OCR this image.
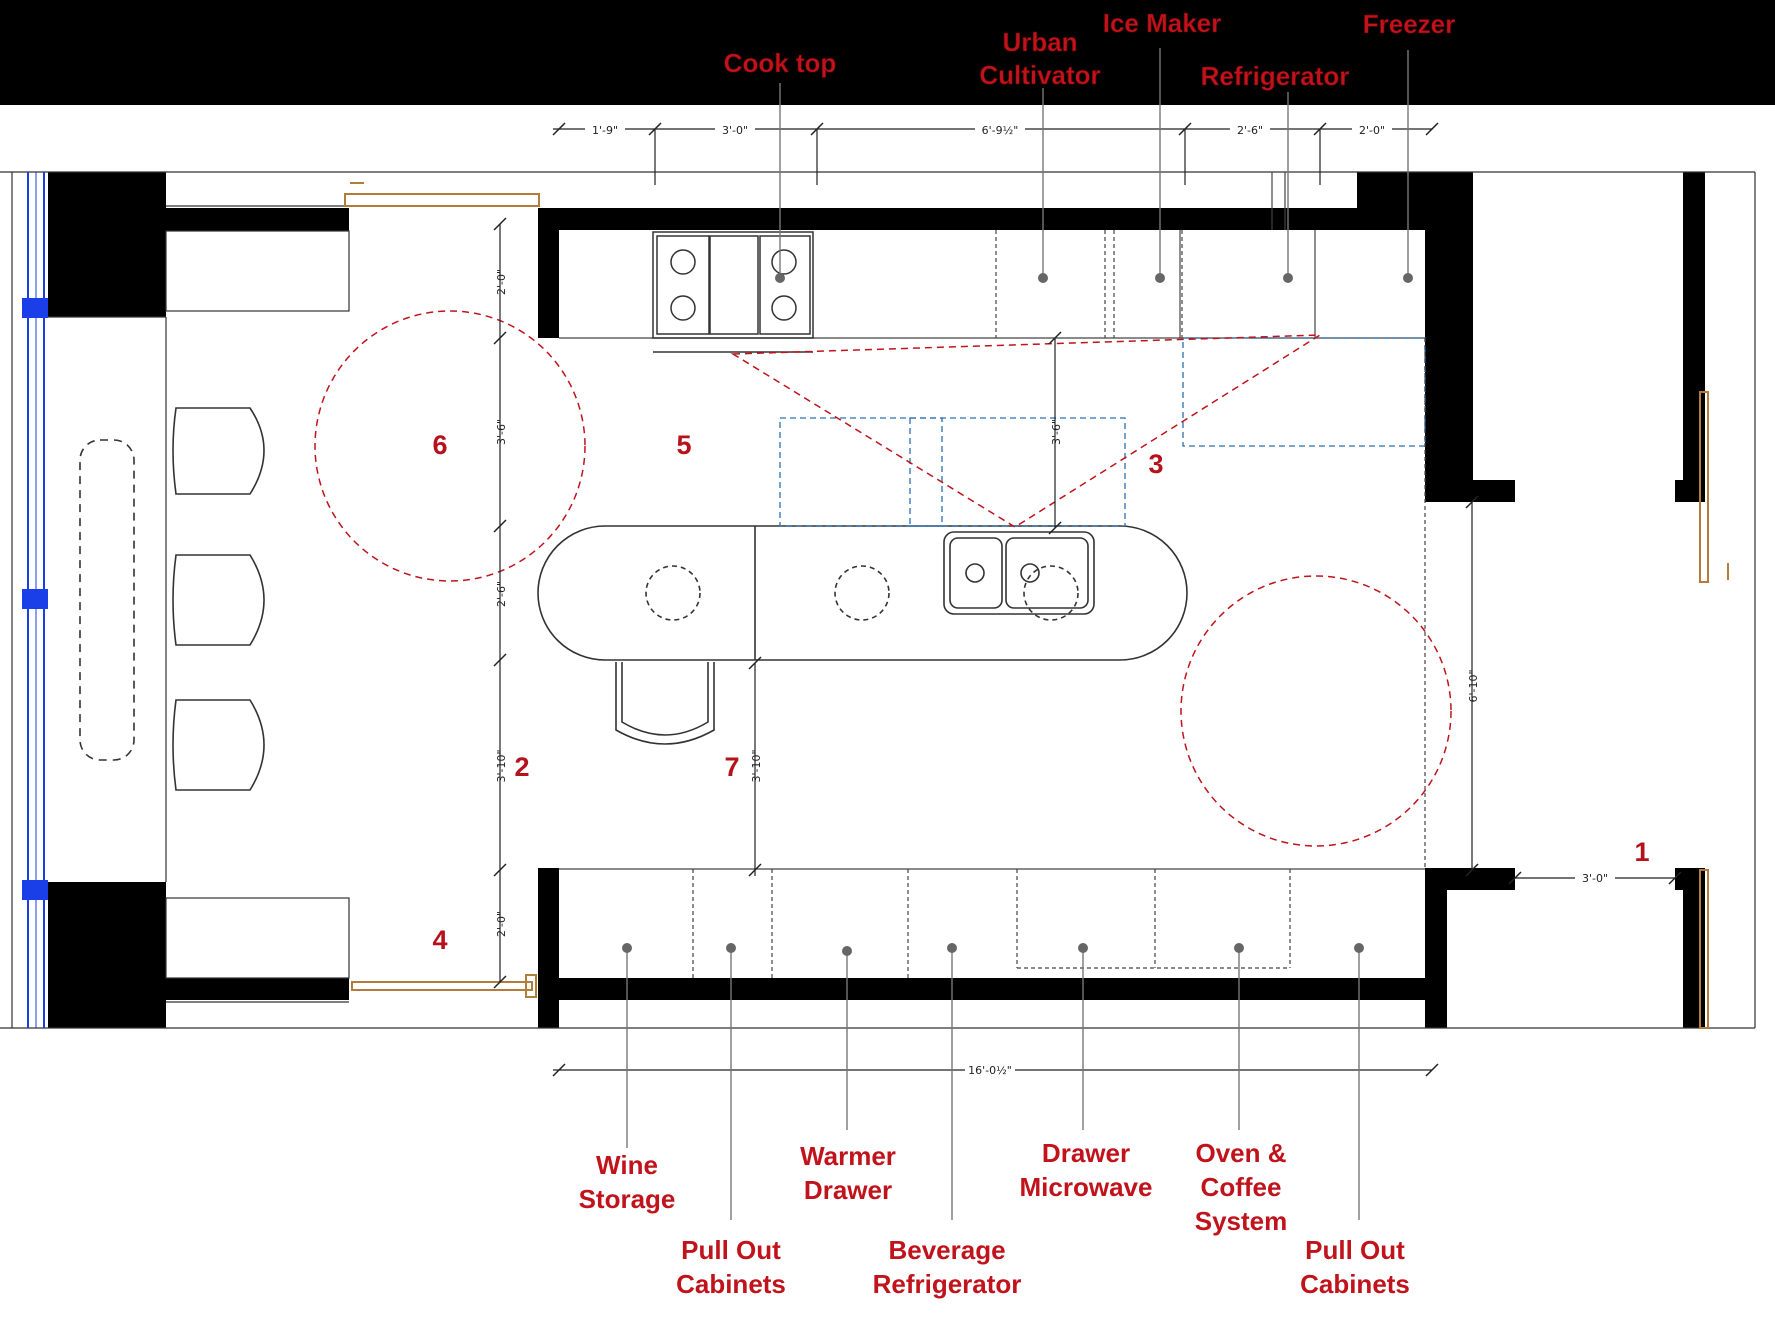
1'-9"	3'-0"	6'-9½"	2'-6"	2'-0"
16'-0½"
2'-0"
3'-6"
2'-6"
3'-10"
2'-0"
3'-10"
3'-6"
6'-10"
3'-0"
Cook top
Urban
Cultivator
Ice Maker
Refrigerator
Freezer
Wine
Storage
Pull Out
Cabinets
Warmer
Drawer
Beverage
Refrigerator
Drawer
Microwave
Oven &
Coffee
System
Pull Out
Cabinets
1
2
3
4
5
6
7
